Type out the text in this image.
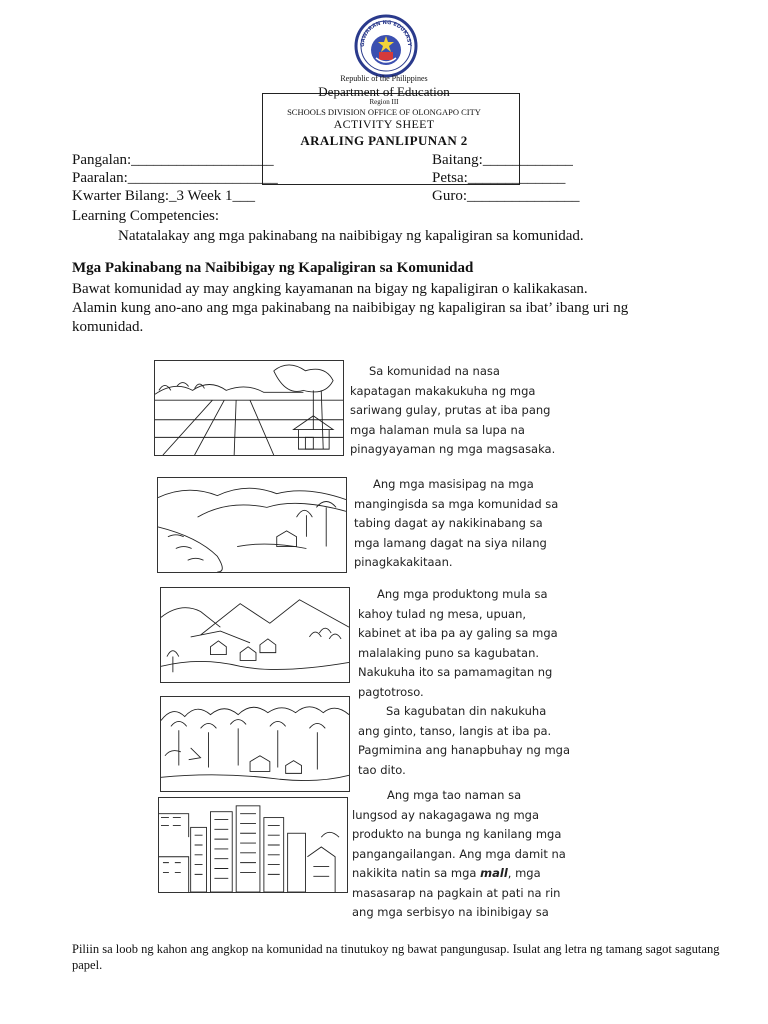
GAWARAN NG EDUKASY
Republic of the Philippines
Department of Education
Region III
SCHOOLS DIVISION OFFICE OF OLONGAPO CITY
ACTIVITY SHEET
ARALING PANLIPUNAN 2
Pangalan:___________________	Baitang:____________
Paaralan:____________________	Petsa:_____________
Kwarter Bilang:_3 Week 1___	Guro:_______________
Learning Competencies:
Natatalakay ang mga pakinabang na naibibigay ng kapaligiran sa komunidad.
Mga Pakinabang na Naibibigay ng Kapaligiran sa Komunidad
Bawat komunidad ay may angking kayamanan na bigay ng kapaligiran o kalikakasan. Alamin kung ano-ano ang mga pakinabang na naibibigay ng kapaligiran sa ibat’ ibang uri ng komunidad.
Sa komunidad na nasa
kapatagan makakukuha ng mga
sariwang gulay, prutas at iba pang
mga halaman mula sa lupa na
pinagyayaman ng mga magsasaka.
Ang mga masisipag na mga
mangingisda sa mga komunidad sa
tabing dagat ay nakikinabang sa
mga lamang dagat na siya nilang
pinagkakakitaan.
Ang mga produktong mula sa
kahoy tulad ng mesa, upuan,
kabinet at iba pa ay galing sa mga
malalaking puno sa kagubatan.
Nakukuha ito sa pamamagitan ng
pagtotroso.
Sa kagubatan din nakukuha
ang ginto, tanso, langis at iba pa.
Pagmimina ang hanapbuhay ng mga
tao dito.
Ang mga tao naman sa
lungsod ay nakagagawa ng mga
produkto na bunga ng kanilang mga
pangangailangan. Ang mga damit na
nakikita natin sa mga mall, mga
masasarap na pagkain at pati na rin
ang mga serbisyo na ibinibigay sa
Piliin sa loob ng kahon ang angkop na komunidad na tinutukoy ng bawat pangungusap. Isulat ang letra ng tamang sagot sagutang papel.
